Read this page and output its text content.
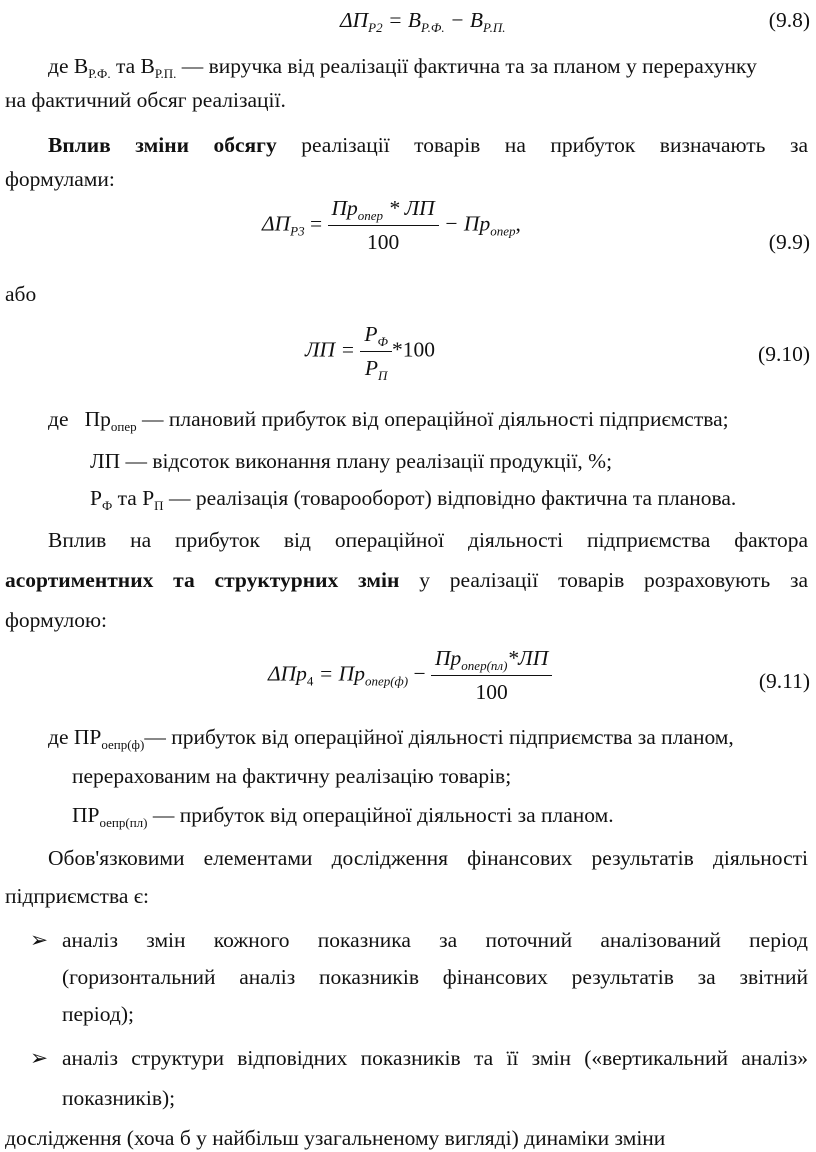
$\Delta П_{Р2} = В_{Р.Ф.} - В_{Р.П.}$	(9.8)
де $В_{Р.Ф.}$ та $В_{Р.П.}$ — виручка від реалізації фактична та за планом у перерахунку
на фактичний обсяг реалізації.
Вплив зміни обсягу реалізації товарів на прибуток визначають за
формулами:
$\Delta П_{Р3} = \frac{Пр_{опер} * ЛП}{100} - Пр_{опер}$,
(9.9)
або
ЛП = $\frac{Р_Ф}{Р_П} *100$	(9.10)
де   $Пр_{опер}$ — плановий прибуток від операційної діяльності підприємства;
ЛП — відсоток виконання плану реалізації продукції, %;
$Р_Ф$ та $Р_П$ — реалізація (товарооборот) відповідно фактична та планова.
Вплив на прибуток від операційної діяльності підприємства фактора
асортиментних та структурних змін у реалізації товарів розраховують за
формулою:
$\Delta Пр_4 = Пр_{опер(ф)} - \frac{Пр_{опер(пл)}*ЛП}{100}$	(9.11)
де $ПР_{оепр(ф)}—$ прибуток від операційної діяльності підприємства за планом,
перерахованим на фактичну реалізацію товарів;
$ПР_{оепр(пл)}$ — прибуток від операційної діяльності за планом.
Обов'язковими елементами дослідження фінансових результатів діяльності
підприємства є:
➢ аналіз змін кожного показника за поточний аналізований період
(горизонтальний аналіз показників фінансових результатів за звітний
період);
➢ аналіз структури відповідних показників та її змін («вертикальний аналіз»
показників);
дослідження (хоча б у найбільш узагальненому вигляді) динаміки зміни
